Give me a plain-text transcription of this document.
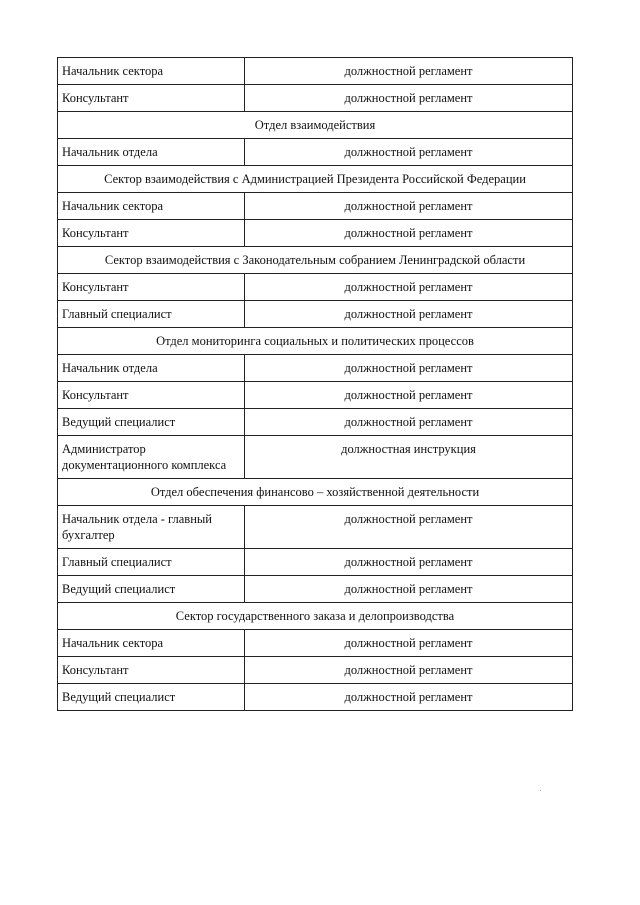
Начальник сектора	должностной регламент
Консультант	должностной регламент
Отдел взаимодействия	
Начальник отдела	должностной регламент
Сектор взаимодействия с Администрацией Президента Российской Федерации	
Начальник сектора	должностной регламент
Консультант	должностной регламент
Сектор взаимодействия с Законодательным собранием Ленинградской области	
Консультант	должностной регламент
Главный специалист	должностной регламент
Отдел мониторинга социальных и политических процессов	
Начальник отдела	должностной регламент
Консультант	должностной регламент
Ведущий специалист	должностной регламент
Администратор документационного комплекса	должностная инструкция
Отдел обеспечения финансово – хозяйственной деятельности	
Начальник отдела - главный бухгалтер	должностной регламент
Главный специалист	должностной регламент
Ведущий специалист	должностной регламент
Сектор государственного заказа и делопроизводства	
Начальник сектора	должностной регламент
Консультант	должностной регламент
Ведущий специалист	должностной регламент
